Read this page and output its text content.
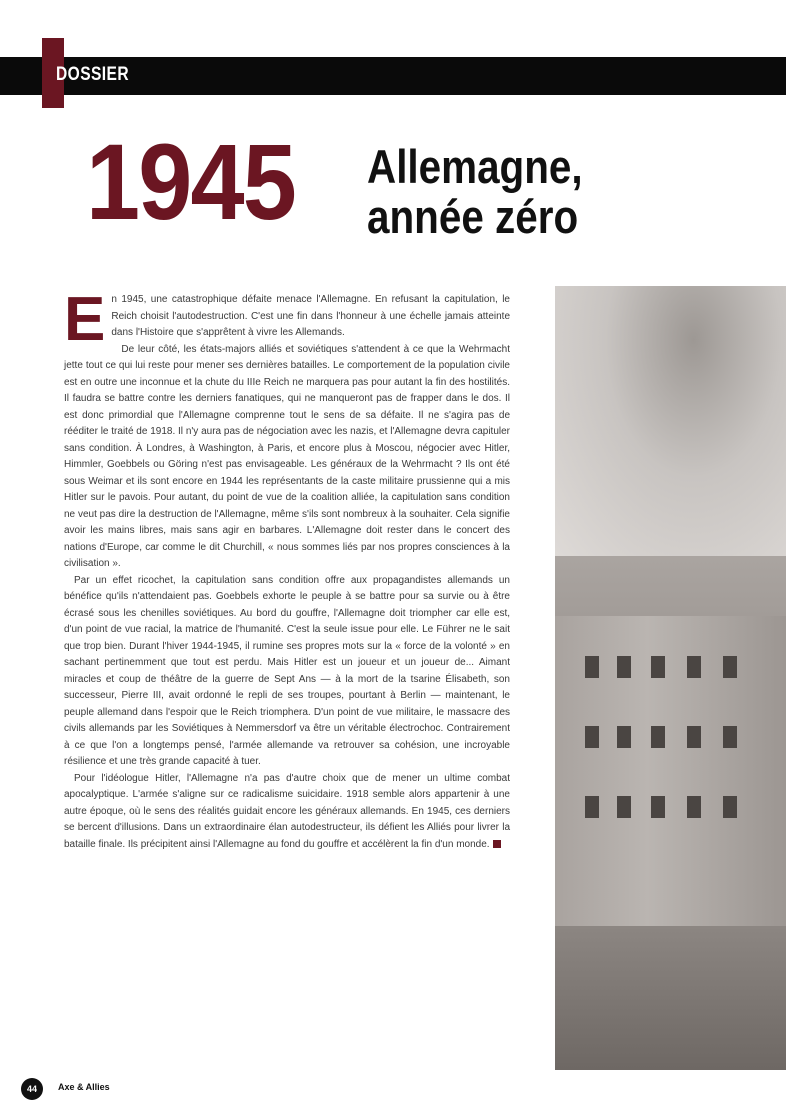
DOSSIER
1945 Allemagne,
année zéro

En 1945, une catastrophique défaite menace l'Allemagne. En refusant la capitulation, le Reich choisit l'autodestruction. C'est une fin dans l'honneur à une échelle jamais atteinte dans l'Histoire que s'apprêtent à vivre les Allemands.

De leur côté, les états-majors alliés et soviétiques s'attendent à ce que la Wehrmacht jette tout ce qui lui reste pour mener ses dernières batailles. Le comportement de la population civile est en outre une inconnue et la chute du IIIe Reich ne marquera pas pour autant la fin des hostilités. Il faudra se battre contre les derniers fanatiques, qui ne manqueront pas de frapper dans le dos. Il est donc primordial que l'Allemagne comprenne tout le sens de sa défaite. Il ne s'agira pas de rééditer le traité de 1918. Il n'y aura pas de négociation avec les nazis, et l'Allemagne devra capituler sans condition. À Londres, à Washington, à Paris, et encore plus à Moscou, négocier avec Hitler, Himmler, Goebbels ou Göring n'est pas envisageable. Les généraux de la Wehrmacht ? Ils ont été sous Weimar et ils sont encore en 1944 les représentants de la caste militaire prussienne qui a mis Hitler sur le pavois. Pour autant, du point de vue de la coalition alliée, la capitulation sans condition ne veut pas dire la destruction de l'Allemagne, même s'ils sont nombreux à la souhaiter. Cela signifie avoir les mains libres, mais sans agir en barbares. L'Allemagne doit rester dans le concert des nations d'Europe, car comme le dit Churchill, « nous sommes liés par nos propres consciences à la civilisation ».

Par un effet ricochet, la capitulation sans condition offre aux propagandistes allemands un bénéfice qu'ils n'attendaient pas. Goebbels exhorte le peuple à se battre pour sa survie ou à être écrasé sous les chenilles soviétiques. Au bord du gouffre, l'Allemagne doit triompher car elle est, d'un point de vue racial, la matrice de l'humanité. C'est la seule issue pour elle. Le Führer ne le sait que trop bien. Durant l'hiver 1944-1945, il rumine ses propres mots sur la « force de la volonté » en sachant pertinemment que tout est perdu. Mais Hitler est un joueur et un joueur de... Aimant miracles et coup de théâtre de la guerre de Sept Ans — à la mort de la tsarine Élisabeth, son successeur, Pierre III, avait ordonné le repli de ses troupes, pourtant à Berlin — maintenant, le peuple allemand dans l'espoir que le Reich triomphera. D'un point de vue militaire, le massacre des civils allemands par les Soviétiques à Nemmersdorf va être un véritable électrochoc. Contrairement à ce que l'on a longtemps pensé, l'armée allemande va retrouver sa cohésion, une incroyable résilience et une très grande capacité à tuer.

Pour l'idéologue Hitler, l'Allemagne n'a pas d'autre choix que de mener un ultime combat apocalyptique. L'armée s'aligne sur ce radicalisme suicidaire. 1918 semble alors appartenir à une autre époque, où le sens des réalités guidait encore les généraux allemands. En 1945, ces derniers se bercent d'illusions. Dans un extraordinaire élan autodestructeur, ils défient les Alliés pour livrer la bataille finale. Ils précipitent ainsi l'Allemagne au fond du gouffre et accélèrent la fin d'un monde.

44	Axe & Allies
